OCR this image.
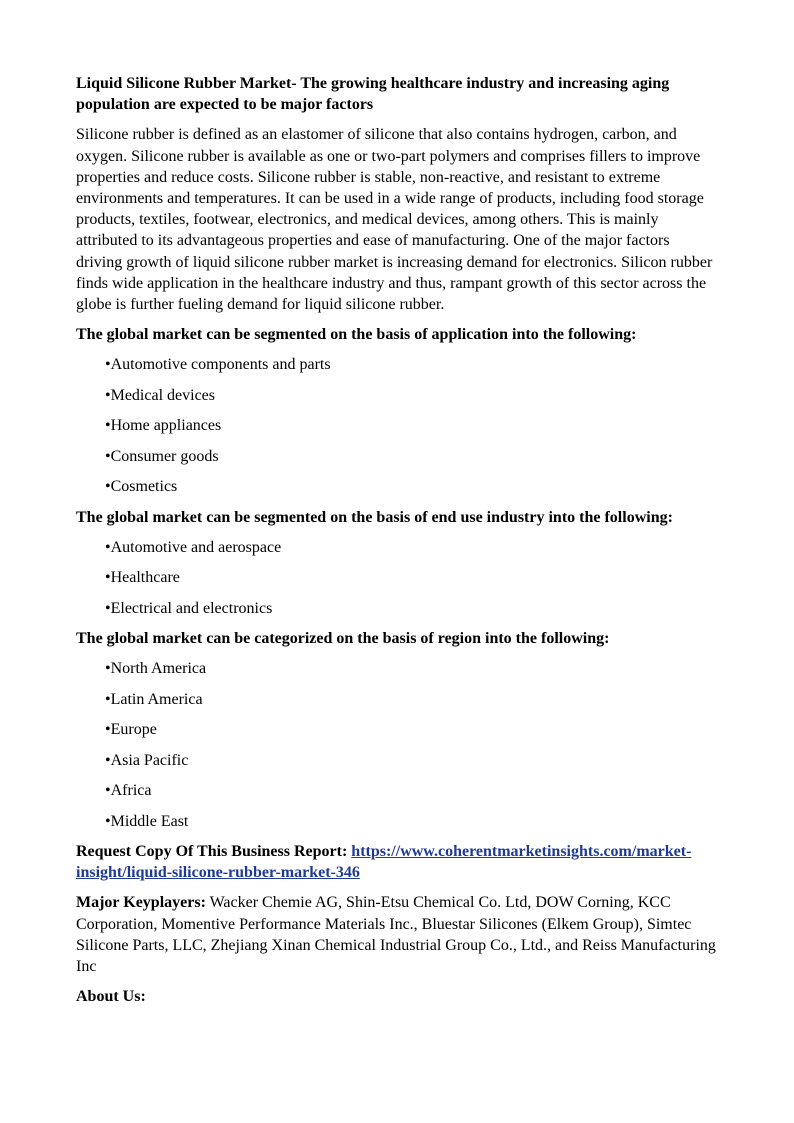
Liquid Silicone Rubber Market- The growing healthcare industry and increasing aging population are expected to be major factors

Silicone rubber is defined as an elastomer of silicone that also contains hydrogen, carbon, and oxygen. Silicone rubber is available as one or two-part polymers and comprises fillers to improve properties and reduce costs. Silicone rubber is stable, non-reactive, and resistant to extreme environments and temperatures. It can be used in a wide range of products, including food storage products, textiles, footwear, electronics, and medical devices, among others. This is mainly attributed to its advantageous properties and ease of manufacturing. One of the major factors driving growth of liquid silicone rubber market is increasing demand for electronics. Silicon rubber finds wide application in the healthcare industry and thus, rampant growth of this sector across the globe is further fueling demand for liquid silicone rubber.

The global market can be segmented on the basis of application into the following:

•Automotive components and parts
•Medical devices
•Home appliances
•Consumer goods
•Cosmetics

The global market can be segmented on the basis of end use industry into the following:

•Automotive and aerospace
•Healthcare
•Electrical and electronics

The global market can be categorized on the basis of region into the following:

•North America
•Latin America
•Europe
•Asia Pacific
•Africa
•Middle East

Request Copy Of This Business Report: https://www.coherentmarketinsights.com/market-insight/liquid-silicone-rubber-market-346

Major Keyplayers: Wacker Chemie AG, Shin-Etsu Chemical Co. Ltd, DOW Corning, KCC Corporation, Momentive Performance Materials Inc., Bluestar Silicones (Elkem Group), Simtec Silicone Parts, LLC, Zhejiang Xinan Chemical Industrial Group Co., Ltd., and Reiss Manufacturing Inc

About Us:
